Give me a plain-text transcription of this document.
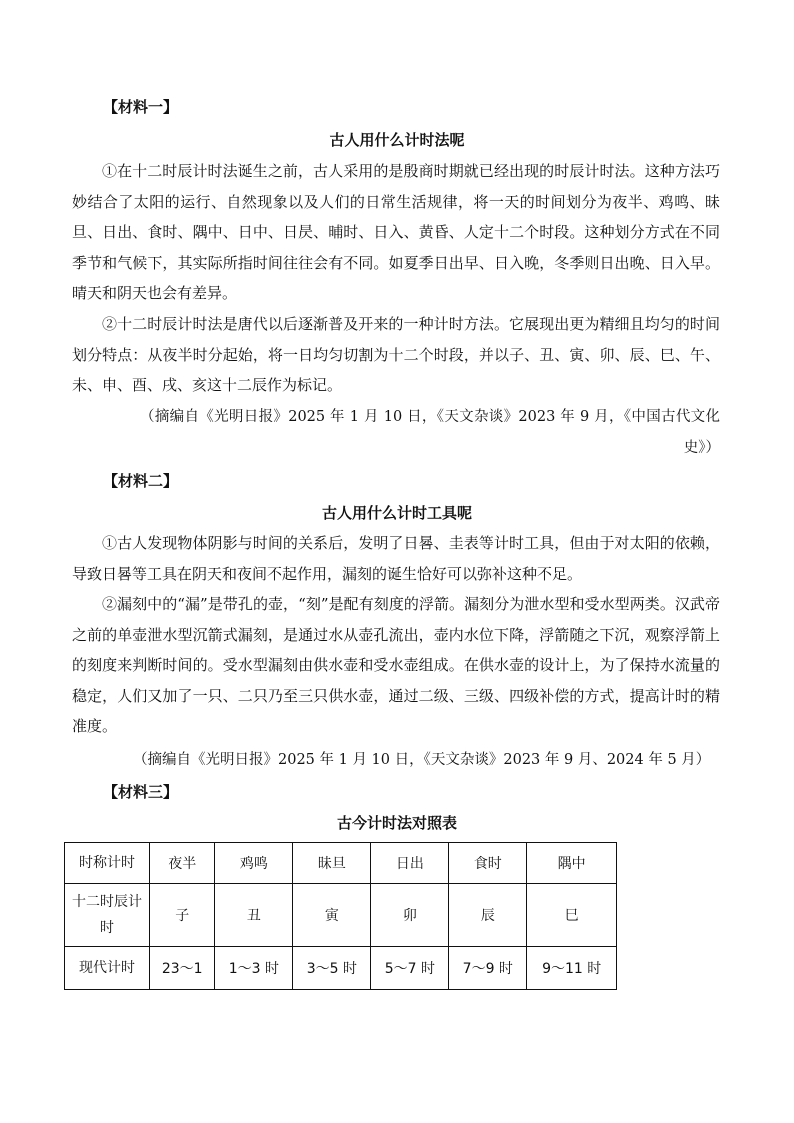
【材料一】
古人用什么计时法呢

①在十二时辰计时法诞生之前，古人采用的是殷商时期就已经出现的时辰计时法。这种方法巧妙结合了太阳的运行、自然现象以及人们的日常生活规律，将一天的时间划分为夜半、鸡鸣、昧旦、日出、食时、隅中、日中、日昃、晡时、日入、黄昏、人定十二个时段。这种划分方式在不同季节和气候下，其实际所指时间往往会有不同。如夏季日出早、日入晚，冬季则日出晚、日入早。晴天和阴天也会有差异。

②十二时辰计时法是唐代以后逐渐普及开来的一种计时方法。它展现出更为精细且均匀的时间划分特点：从夜半时分起始，将一日均匀切割为十二个时段，并以子、丑、寅、卯、辰、巳、午、未、申、酉、戌、亥这十二辰作为标记。

（摘编自《光明日报》2025 年 1 月 10 日，《天文杂谈》2023 年 9 月，《中国古代文化史》）

【材料二】
古人用什么计时工具呢

①古人发现物体阴影与时间的关系后，发明了日晷、圭表等计时工具，但由于对太阳的依赖，导致日晷等工具在阴天和夜间不起作用，漏刻的诞生恰好可以弥补这种不足。

②漏刻中的“漏”是带孔的壶，“刻”是配有刻度的浮箭。漏刻分为泄水型和受水型两类。汉武帝之前的单壶泄水型沉箭式漏刻，是通过水从壶孔流出，壶内水位下降，浮箭随之下沉，观察浮箭上的刻度来判断时间的。受水型漏刻由供水壶和受水壶组成。在供水壶的设计上，为了保持水流量的稳定，人们又加了一只、二只乃至三只供水壶，通过二级、三级、四级补偿的方式，提高计时的精准度。

（摘编自《光明日报》2025 年 1 月 10 日，《天文杂谈》2023 年 9 月、2024 年 5 月）

【材料三】
古今计时法对照表
时称计时	夜半	鸡鸣	昧旦	日出	食时	隅中
十二时辰计时	子	丑	寅	卯	辰	巳
现代计时	23～1	1～3 时	3～5 时	5～7 时	7～9 时	9～11 时
